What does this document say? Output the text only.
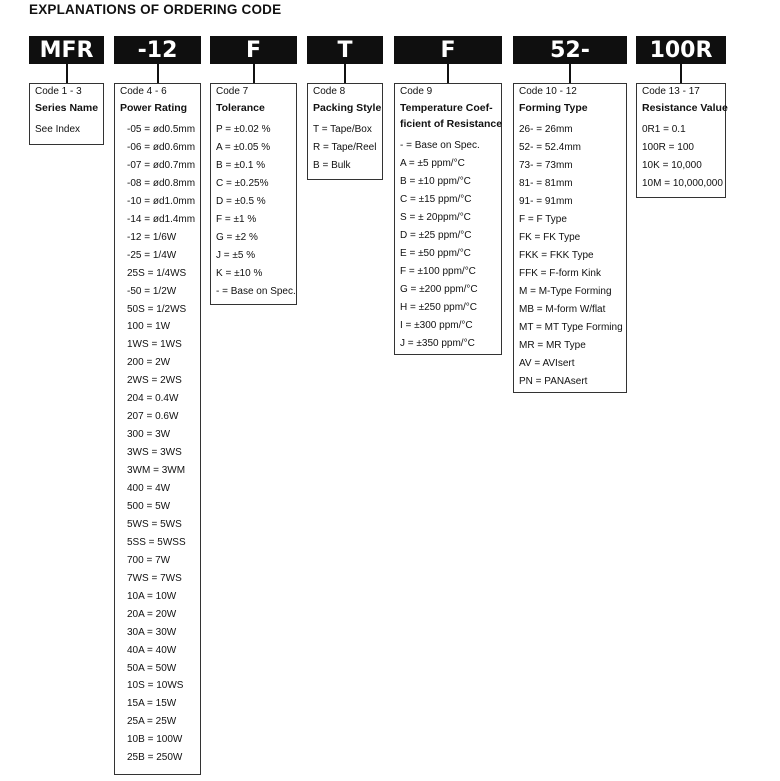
EXPLANATIONS OF ORDERING CODE
MFR	-12	F	T	F	52-	100R
Code 1 - 3
Series Name
See Index
Code 4 - 6
Power Rating
-05 = ød0.5mm
-06 = ød0.6mm
-07 = ød0.7mm
-08 = ød0.8mm
-10 = ød1.0mm
-14 = ød1.4mm
-12 = 1/6W
-25 = 1/4W
25S = 1/4WS
-50 = 1/2W
50S = 1/2WS
100 = 1W
1WS = 1WS
200 = 2W
2WS = 2WS
204 = 0.4W
207 = 0.6W
300 = 3W
3WS = 3WS
3WM = 3WM
400 = 4W
500 = 5W
5WS = 5WS
5SS = 5WSS
700 = 7W
7WS = 7WS
10A = 10W
20A = 20W
30A = 30W
40A = 40W
50A = 50W
10S = 10WS
15A = 15W
25A = 25W
10B = 100W
25B = 250W
Code 7
Tolerance
P = ±0.02 %
A = ±0.05 %
B = ±0.1 %
C = ±0.25%
D = ±0.5 %
F = ±1 %
G = ±2 %
J = ±5 %
K = ±10 %
- = Base on Spec.
Code 8
Packing Style
T = Tape/Box
R = Tape/Reel
B = Bulk
Code 9
Temperature Coef-
ficient of Resistance
- = Base on Spec.
A = ±5 ppm/°C
B = ±10 ppm/°C
C = ±15 ppm/°C
S = ± 20ppm/°C
D = ±25 ppm/°C
E = ±50 ppm/°C
F = ±100 ppm/°C
G = ±200 ppm/°C
H = ±250 ppm/°C
I = ±300 ppm/°C
J = ±350 ppm/°C
Code 10 - 12
Forming Type
26- = 26mm
52- = 52.4mm
73- = 73mm
81- = 81mm
91- = 91mm
F = F Type
FK = FK Type
FKK = FKK Type
FFK = F-form Kink
M = M-Type Forming
MB = M-form W/flat
MT = MT Type Forming
MR = MR Type
AV = AVIsert
PN = PANAsert
Code 13 - 17
Resistance Value
0R1 = 0.1
100R = 100
10K = 10,000
10M = 10,000,000
